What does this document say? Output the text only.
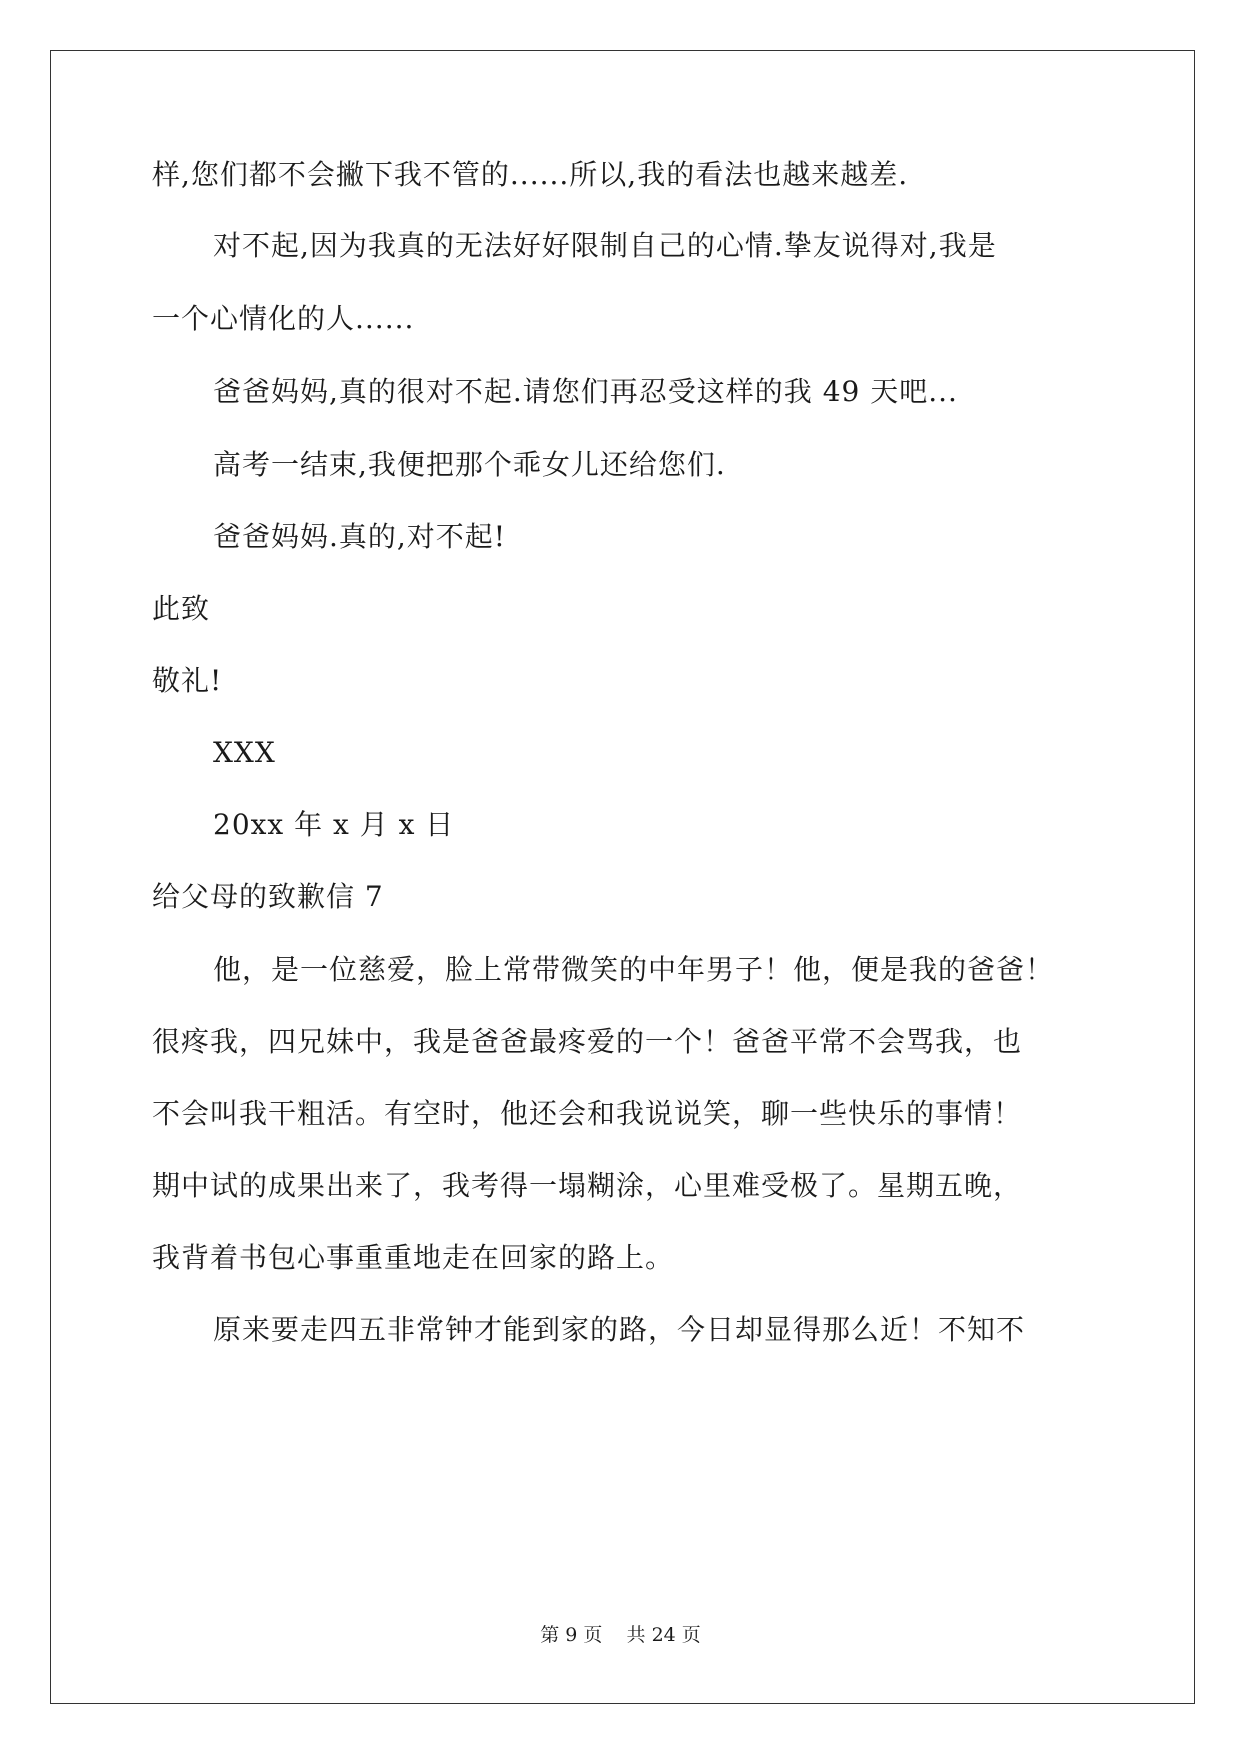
样,您们都不会撇下我不管的......所以,我的看法也越来越差.
对不起,因为我真的无法好好限制自己的心情.挚友说得对,我是
一个心情化的人......
爸爸妈妈,真的很对不起.请您们再忍受这样的我 49 天吧...
高考一结束,我便把那个乖女儿还给您们.
爸爸妈妈.真的,对不起!
此致
敬礼!
XXX
20xx 年 x 月 x 日
给父母的致歉信 7
他，是一位慈爱，脸上常带微笑的中年男子！他，便是我的爸爸！
很疼我，四兄妹中，我是爸爸最疼爱的一个！爸爸平常不会骂我，也
不会叫我干粗活。有空时，他还会和我说说笑，聊一些快乐的事情！
期中试的成果出来了，我考得一塌糊涂，心里难受极了。星期五晚，
我背着书包心事重重地走在回家的路上。
原来要走四五非常钟才能到家的路，今日却显得那么近！不知不
第 9 页    共 24 页
